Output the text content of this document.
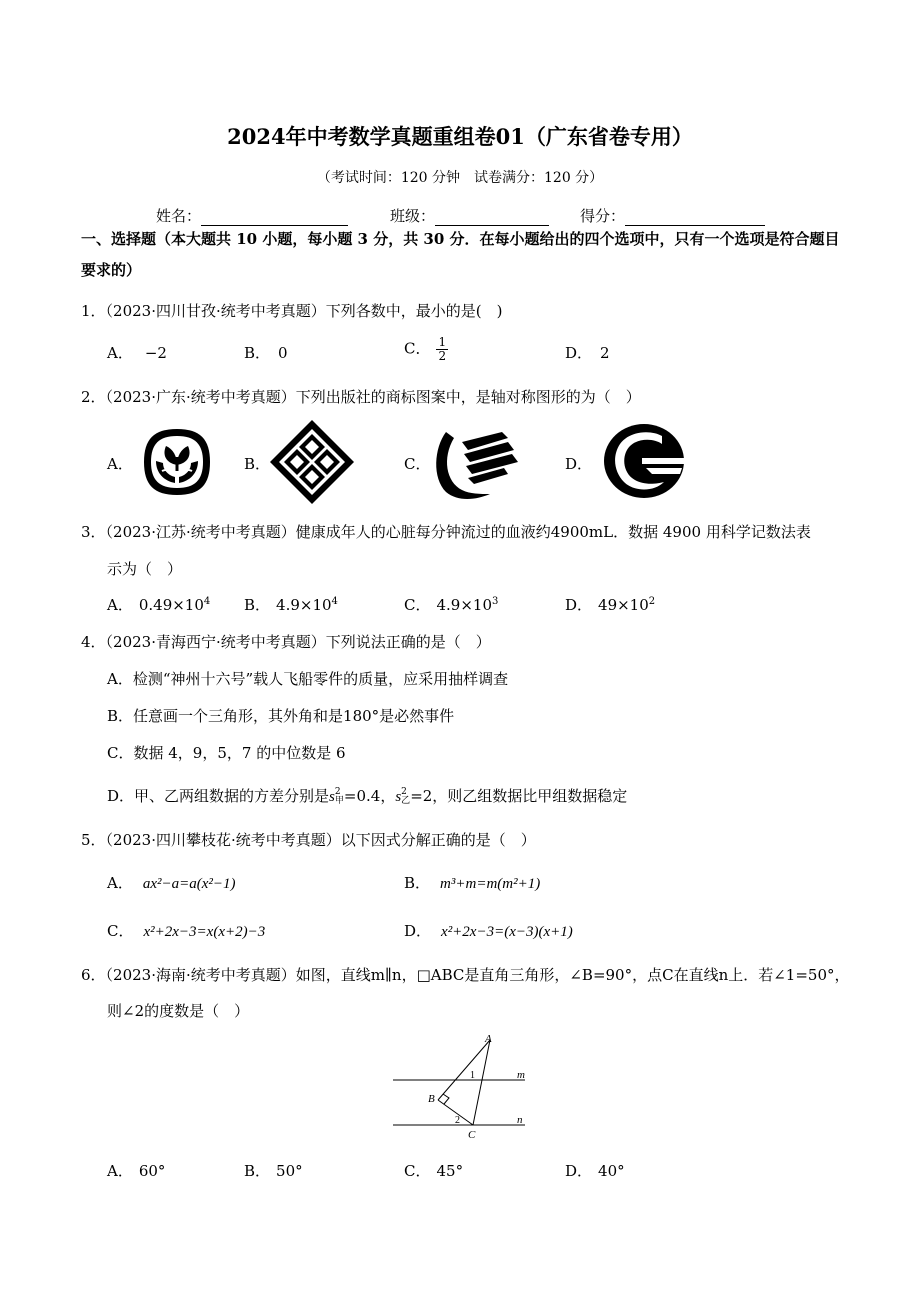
2024年中考数学真题重组卷01（广东省卷专用）
（考试时间：120 分钟　试卷满分：120 分）
姓名：	班级：	得分：
一、选择题（本大题共 10 小题，每小题 3 分，共 30 分．在每小题给出的四个选项中，只有一个选项是符合题目要求的）
1．（2023·四川甘孜·统考中考真题）下列各数中，最小的是(　)
A． −2	B． 0	C． $\frac{1}{2}$	D． 2
2．（2023·广东·统考中考真题）下列出版社的商标图案中，是轴对称图形的为（　）
A．	B．	C．	D．
3．（2023·江苏·统考中考真题）健康成年人的心脏每分钟流过的血液约4900mL．数据 4900 用科学记数法表
示为（　）
A． $0.49\times 10^4$ B． $4.9\times 10^4$	C． $4.9\times 10^3$	D． $49\times 10^2$
4．（2023·青海西宁·统考中考真题）下列说法正确的是（　）
A．检测“神州十六号”载人飞船零件的质量，应采用抽样调查
B．任意画一个三角形，其外角和是180°是必然事件
C．数据 4，9，5，7 的中位数是 6
D．甲、乙两组数据的方差分别是s 2
甲 =0.4，s 2
乙 =2，则乙组数据比甲组数据稳定
5．（2023·四川攀枝花·统考中考真题）以下因式分解正确的是（　）
A． ax²−a=a(x²−1)	B． m³+m=m(m²+1)
C． x²+2x−3=x(x+2)−3	D． x²+2x−3=(x−3)(x+1)
6．（2023·海南·统考中考真题）如图，直线m∥n，□ABC是直角三角形，∠B=90°，点C在直线n上．若∠1=50°，
则∠2的度数是（　）
A
B
C
m
n
1
2
A． 60°	B． 50°	C． 45°	D． 40°
